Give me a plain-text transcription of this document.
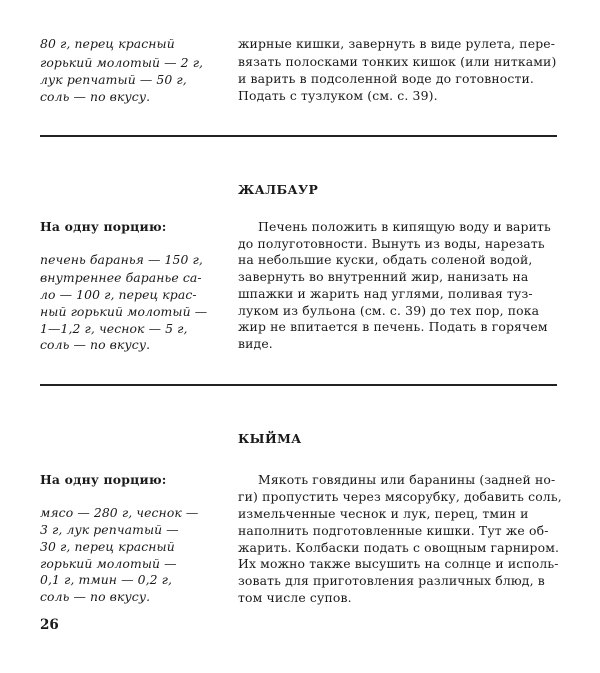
80 г, перец красный
горький молотый — 2 г,
лук репчатый — 50 г,
соль — по вкусу.
жирные кишки, завернуть в виде рулета, пере-
вязать полосками тонких кишок (или нитками)
и варить в подсоленной воде до готовности.
Подать с тузлуком (см. с. 39).
ЖАЛБАУР
На одну порцию:
печень баранья — 150 г,
внутреннее баранье са-
ло — 100 г, перец крас-
ный горький молотый —
1—1,2 г, чеснок — 5 г,
соль — по вкусу.
Печень положить в кипящую воду и варить
до полуготовности. Вынуть из воды, нарезать
на небольшие куски, обдать соленой водой,
завернуть во внутренний жир, нанизать на
шпажки и жарить над углями, поливая туз-
луком из бульона (см. с. 39) до тех пор, пока
жир не впитается в печень. Подать в горячем
виде.
КЫЙМА
На одну порцию:
мясо — 280 г, чеснок —
3 г, лук репчатый —
30 г, перец красный
горький молотый —
0,1 г, тмин — 0,2 г,
соль — по вкусу.
Мякоть говядины или баранины (задней но-
ги) пропустить через мясорубку, добавить соль,
измельченные чеснок и лук, перец, тмин и
наполнить подготовленные кишки. Тут же об-
жарить. Колбаски подать с овощным гарниром.
Их можно также высушить на солнце и исполь-
зовать для приготовления различных блюд, в
том числе супов.
26
